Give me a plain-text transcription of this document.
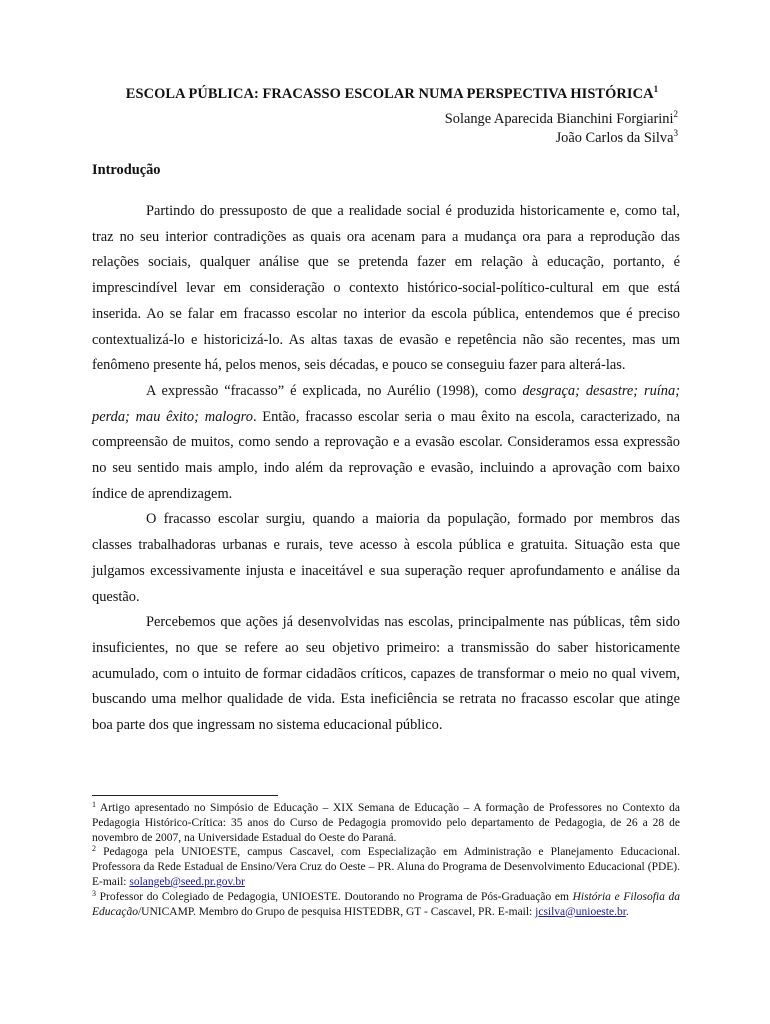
ESCOLA PÚBLICA: FRACASSO ESCOLAR NUMA PERSPECTIVA HISTÓRICA$^1$
Solange Aparecida Bianchini Forgiarini$^2$
João Carlos da Silva$^3$
Introdução

Partindo do pressuposto de que a realidade social é produzida historicamente e, como tal, traz no seu interior contradições as quais ora acenam para a mudança ora para a reprodução das relações sociais, qualquer análise que se pretenda fazer em relação à educação, portanto, é imprescindível levar em consideração o contexto histórico-social-político-cultural em que está inserida. Ao se falar em fracasso escolar no interior da escola pública, entendemos que é preciso contextualizá-lo e historicizá-lo. As altas taxas de evasão e repetência não são recentes, mas um fenômeno presente há, pelos menos, seis décadas, e pouco se conseguiu fazer para alterá-las.

A expressão “fracasso” é explicada, no Aurélio (1998), como desgraça; desastre; ruína; perda; mau êxito; malogro. Então, fracasso escolar seria o mau êxito na escola, caracterizado, na compreensão de muitos, como sendo a reprovação e a evasão escolar. Consideramos essa expressão no seu sentido mais amplo, indo além da reprovação e evasão, incluindo a aprovação com baixo índice de aprendizagem.

O fracasso escolar surgiu, quando a maioria da população, formado por membros das classes trabalhadoras urbanas e rurais, teve acesso à escola pública e gratuita. Situação esta que julgamos excessivamente injusta e inaceitável e sua superação requer aprofundamento e análise da questão.

Percebemos que ações já desenvolvidas nas escolas, principalmente nas públicas, têm sido insuficientes, no que se refere ao seu objetivo primeiro: a transmissão do saber historicamente acumulado, com o intuito de formar cidadãos críticos, capazes de transformar o meio no qual vivem, buscando uma melhor qualidade de vida. Esta ineficiência se retrata no fracasso escolar que atinge boa parte dos que ingressam no sistema educacional público.

$^1$ Artigo apresentado no Simpósio de Educação – XIX Semana de Educação – A formação de Professores no Contexto da Pedagogia Histórico-Crítica: 35 anos do Curso de Pedagogia promovido pelo departamento de Pedagogia, de 26 a 28 de novembro de 2007, na Universidade Estadual do Oeste do Paraná.

$^2$ Pedagoga pela UNIOESTE, campus Cascavel, com Especialização em Administração e Planejamento Educacional. Professora da Rede Estadual de Ensino/Vera Cruz do Oeste – PR. Aluna do Programa de Desenvolvimento Educacional (PDE). E-mail: solangeb@seed.pr.gov.br

$^3$ Professor do Colegiado de Pedagogia, UNIOESTE. Doutorando no Programa de Pós-Graduação em História e Filosofia da Educação/UNICAMP. Membro do Grupo de pesquisa HISTEDBR, GT - Cascavel, PR. E-mail: jcsilva@unioeste.br.
